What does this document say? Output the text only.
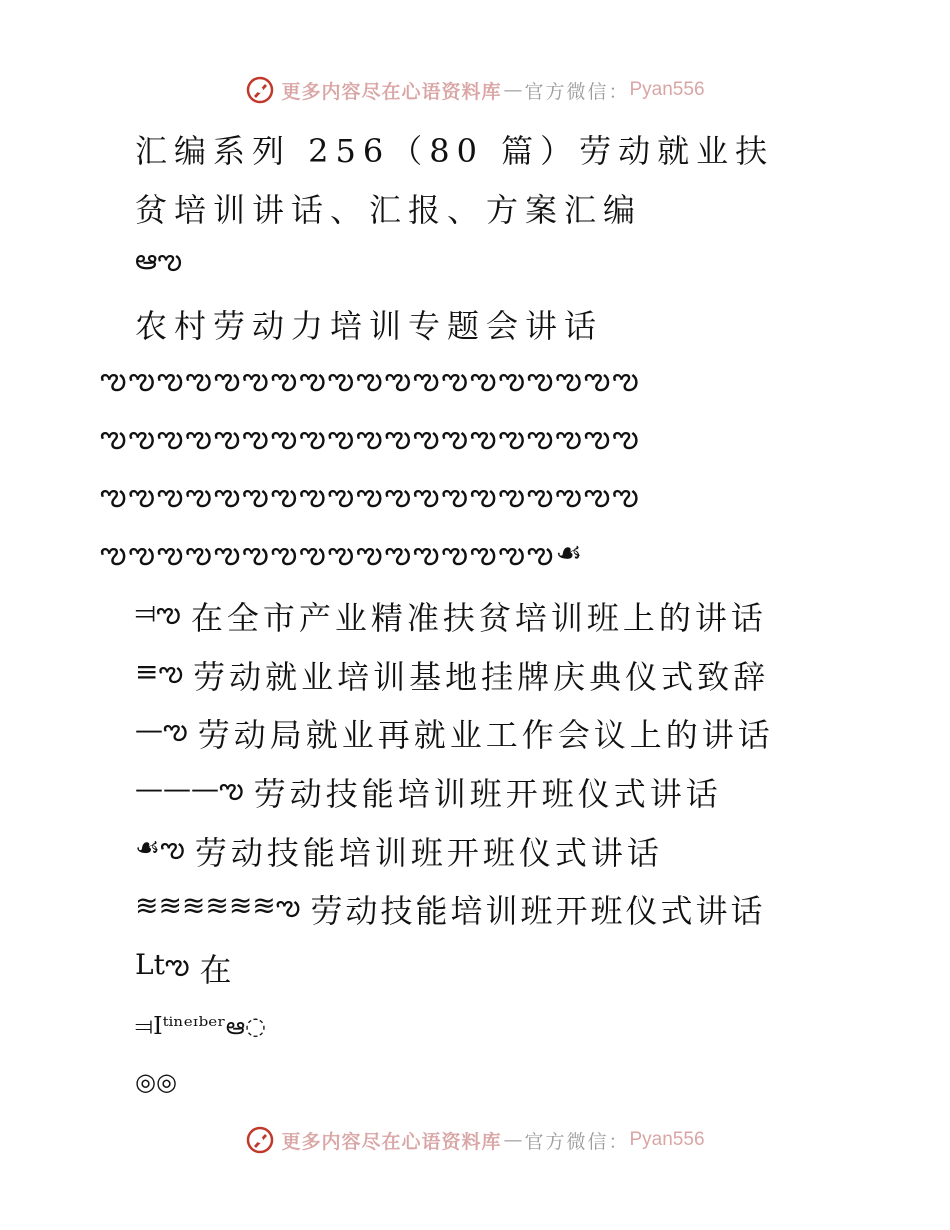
更多内容尽在心语资料库 — 官方微信： Pyan556
汇编系列 256（80 篇）劳动就业扶
贫培训讲话、汇报、方案汇编
ఆఌ
农村劳动力培训专题会讲话
ఌఌఌఌఌఌఌఌఌఌఌఌఌఌఌఌఌఌఌ
ఌఌఌఌఌఌఌఌఌఌఌఌఌఌఌఌఌఌఌ
ఌఌఌఌఌఌఌఌఌఌఌఌఌఌఌఌఌఌఌ
ఌఌఌఌఌఌఌఌఌఌఌఌఌఌఌఌ☙
⫤ఌ 在全市产业精准扶贫培训班上的讲话
≡ఌ 劳动就业培训基地挂牌庆典仪式致辞
—ఌ 劳动局就业再就业工作会议上的讲话
———ఌ 劳动技能培训班开班仪式讲话
☙ఌ 劳动技能培训班开班仪式讲话
≋≋≋≋≋≋ఌ 劳动技能培训班开班仪式讲话
Ltఌ 在
⫤Iᵗⁱⁿᵉᶦᵇᵉʳఆ◌
◎◎
更多内容尽在心语资料库 — 官方微信： Pyan556
